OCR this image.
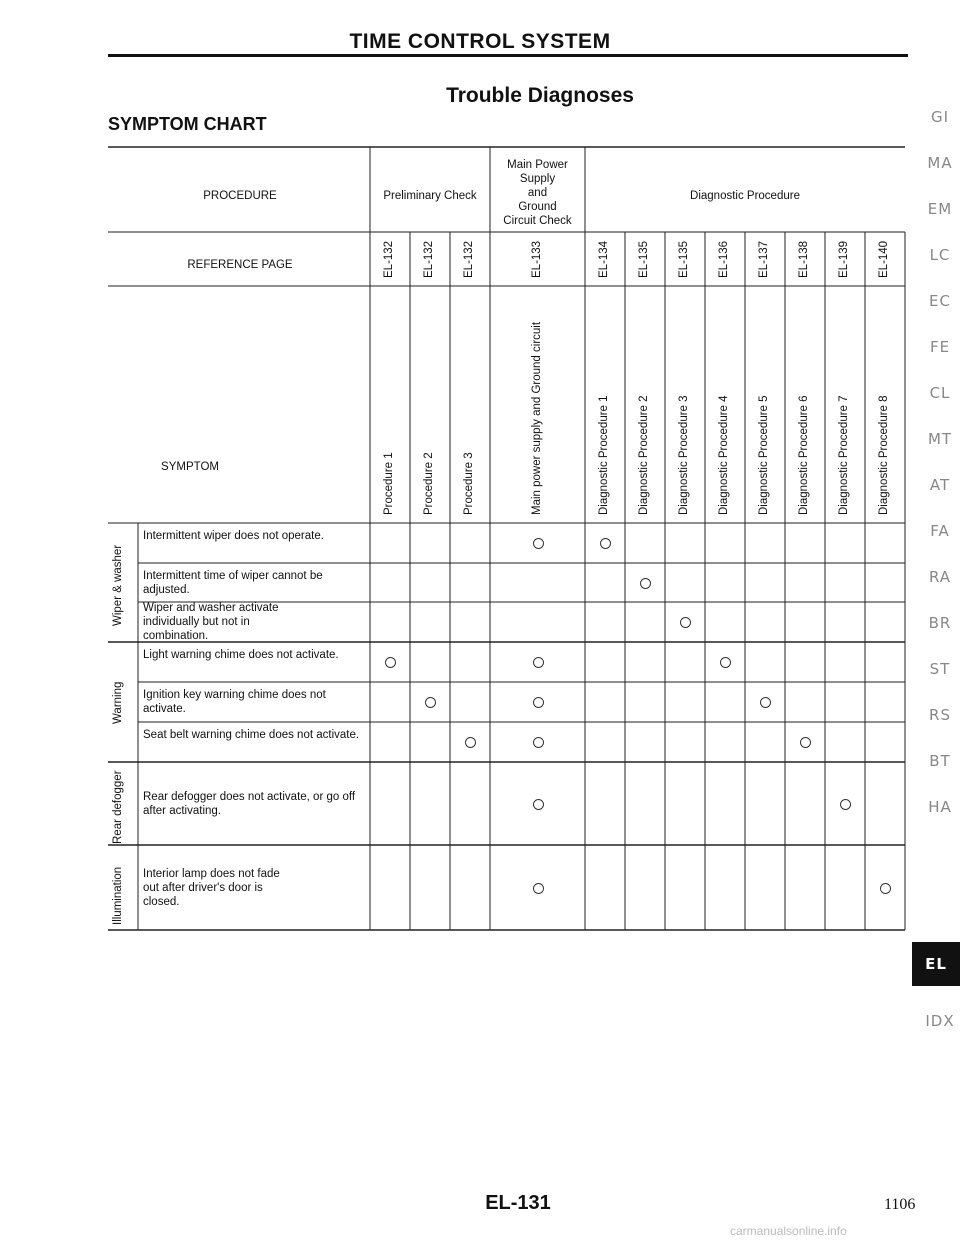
TIME CONTROL SYSTEM
Trouble Diagnoses
SYMPTOM CHART
PROCEDURE	Preliminary Check
Main Power
Supply
and
Ground
Circuit Check
Diagnostic Procedure
REFERENCE PAGE
SYMPTOM
EL-132
Procedure 1
EL-132
Procedure 2
EL-132
Procedure 3
EL-133
Main power supply and Ground circuit
EL-134
Diagnostic Procedure 1
EL-135
Diagnostic Procedure 2
EL-135
Diagnostic Procedure 3
EL-136
Diagnostic Procedure 4
EL-137
Diagnostic Procedure 5
EL-138
Diagnostic Procedure 6
EL-139
Diagnostic Procedure 7
EL-140
Diagnostic Procedure 8
Wiper & washer
Intermittent wiper does not operate.
Intermittent time of wiper cannot be adjusted.
Wiper and washer activate individually but not in combination.
Warning
Light warning chime does not activate.
Ignition key warning chime does not activate.
Seat belt warning chime does not activate.
Rear defogger Rear defogger does not activate, or go off after activating.
Illumination Interior lamp does not fade out after driver's door is closed.
GI
MA
EM
LC
EC
FE
CL
MT
AT
FA
RA
BR
ST
RS
BT
HA
EL
IDX
EL-131	1106
carmanualsonline.info
